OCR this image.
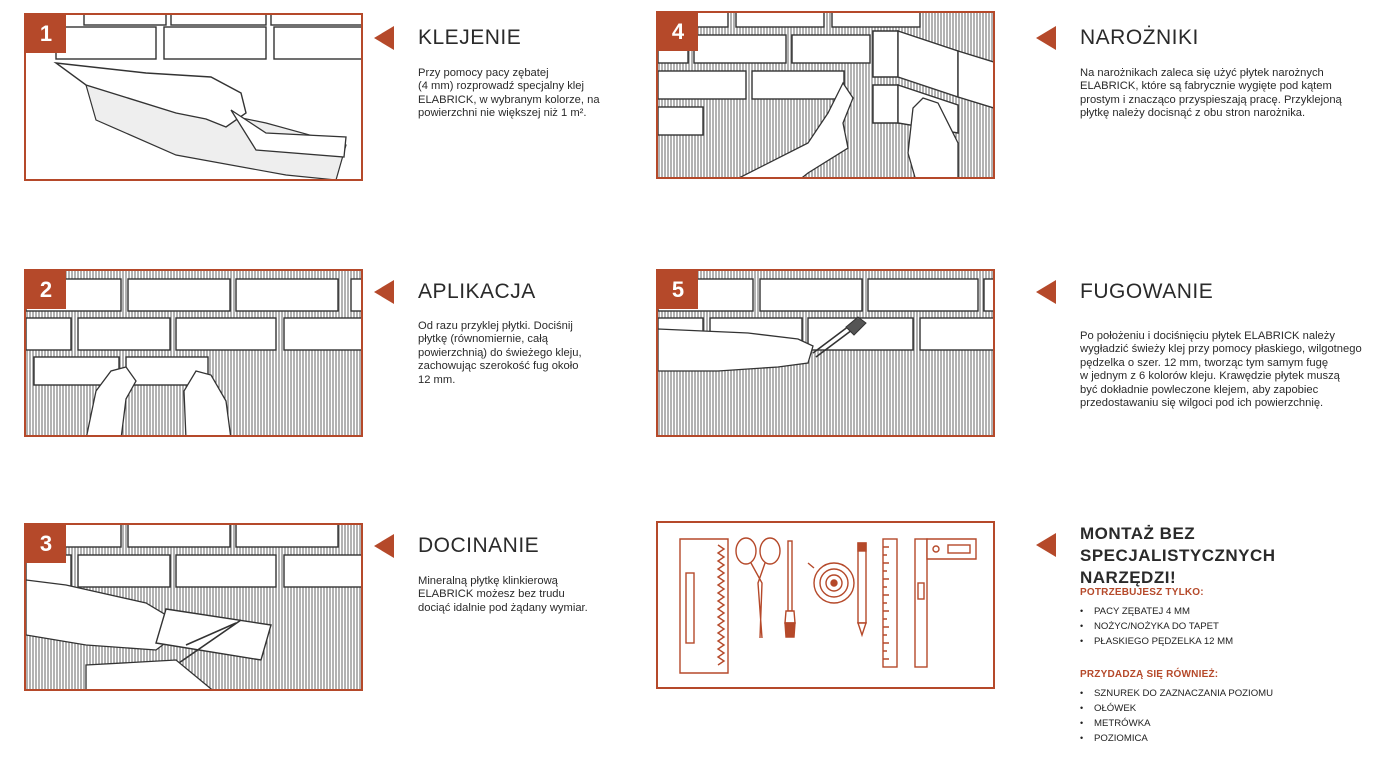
1	KLEJENIE
Przy pomocy pacy zębatej
(4 mm) rozprowadź specjalny klej
ELABRICK, w wybranym kolorze, na
powierzchni nie większej niż 1 m².
2	APLIKACJA
Od razu przyklej płytki. Dociśnij
płytkę (równomiernie, całą
powierzchnią) do świeżego kleju,
zachowując szerokość fug około
12 mm.
3	DOCINANIE
Mineralną płytkę klinkierową
ELABRICK możesz bez trudu
dociąć idalnie pod żądany wymiar.
4	NAROŻNIKI
Na narożnikach zaleca się użyć płytek narożnych
ELABRICK, które są fabrycznie wygięte pod kątem
prostym i znacząco przyspieszają pracę. Przyklejoną
płytkę należy docisnąć z obu stron narożnika.
5	FUGOWANIE
Po położeniu i dociśnięciu płytek ELABRICK należy
wygładzić świeży klej przy pomocy płaskiego, wilgotnego
pędzelka o szer. 12 mm, tworząc tym samym fugę
w jednym z 6 kolorów kleju. Krawędzie płytek muszą
być dokładnie powleczone klejem, aby zapobiec
przedostawaniu się wilgoci pod ich powierzchnię.
MONTAŻ BEZ SPECJALISTYCZNYCH
NARZĘDZI!
POTRZEBUJESZ TYLKO:
• PACY ZĘBATEJ 4 MM
• NOŻYC/NOŻYKA DO TAPET
• PŁASKIEGO PĘDZELKA 12 MM
PRZYDADZĄ SIĘ RÓWNIEŻ:
• SZNUREK DO ZAZNACZANIA POZIOMU
• OŁÓWEK
• METRÓWKA
• POZIOMICA
